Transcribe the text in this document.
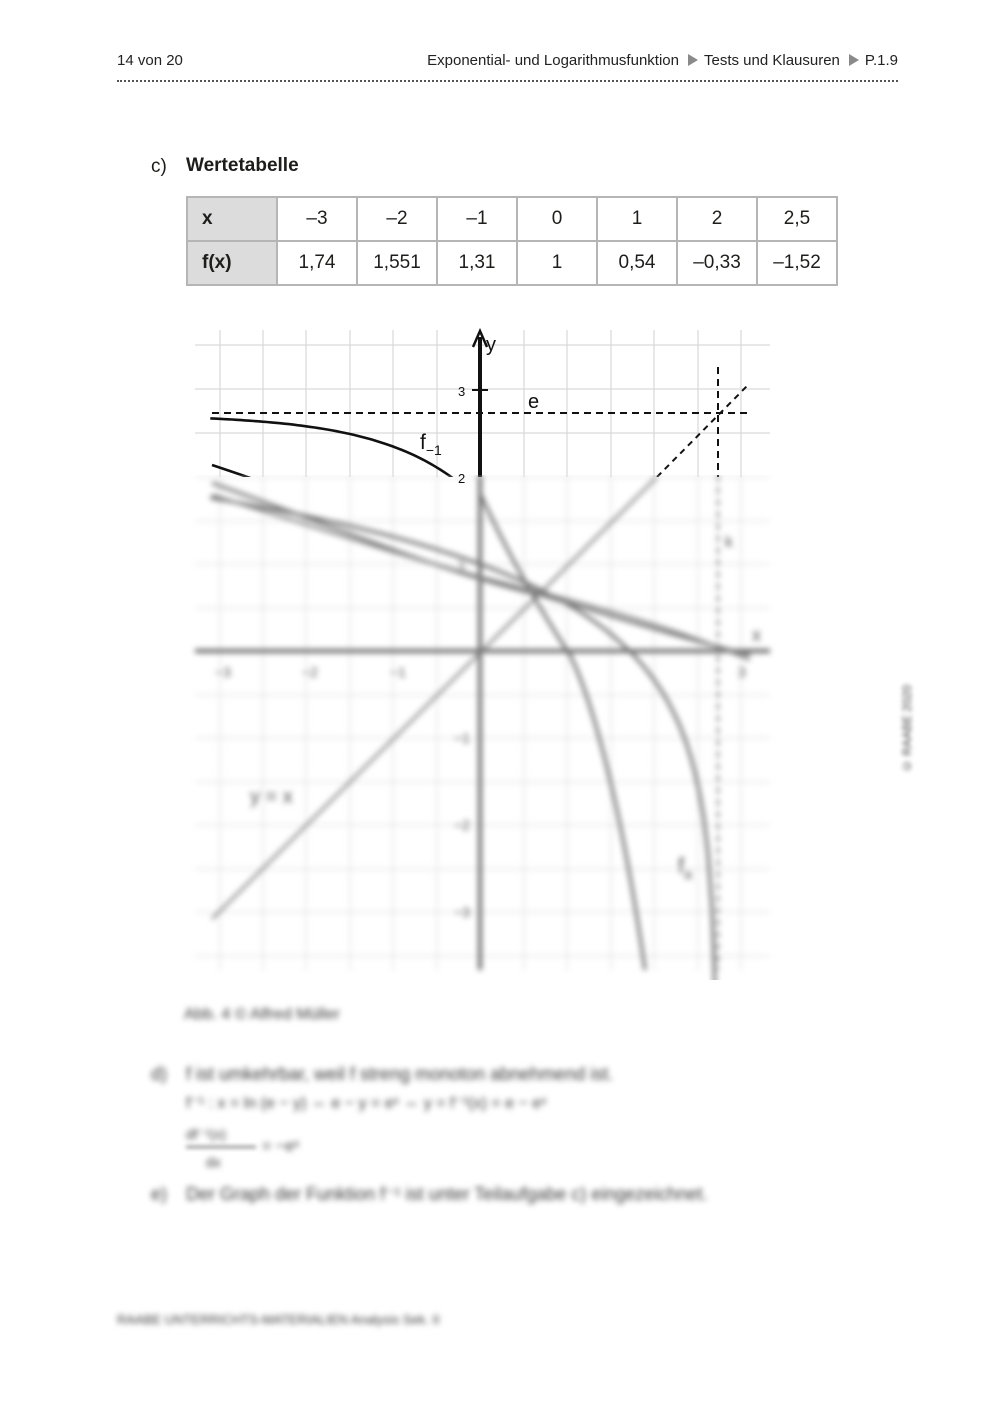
14 von 20	Exponential- und Logarithmusfunktion Tests und Klausuren P.1.9
c) Wertetabelle
x	–3	–2	–1	0	1	2	2,5
f(x)	1,74	1,551	1,31	1	0,54	–0,33	–1,52
y
3
2
e
$f_{-1}$
x
−3	−2	−1	3
1
−1
−2
−3
y = x
k
$f_a$
Abb. 4 © Alfred Müller
d) f ist umkehrbar, weil f streng monoton abnehmend ist.
f⁻¹ : x = ln (e − y) ⇔ e − y = eˣ ⇔ y = f⁻¹(x) = e − eˣ
df⁻¹(x)
dx
= −eˣ
e) Der Graph der Funktion f⁻¹ ist unter Teilaufgabe c) eingezeichnet.
RAABE UNTERRICHTS-MATERIALIEN Analysis Sek. II
© RAABE 2020
